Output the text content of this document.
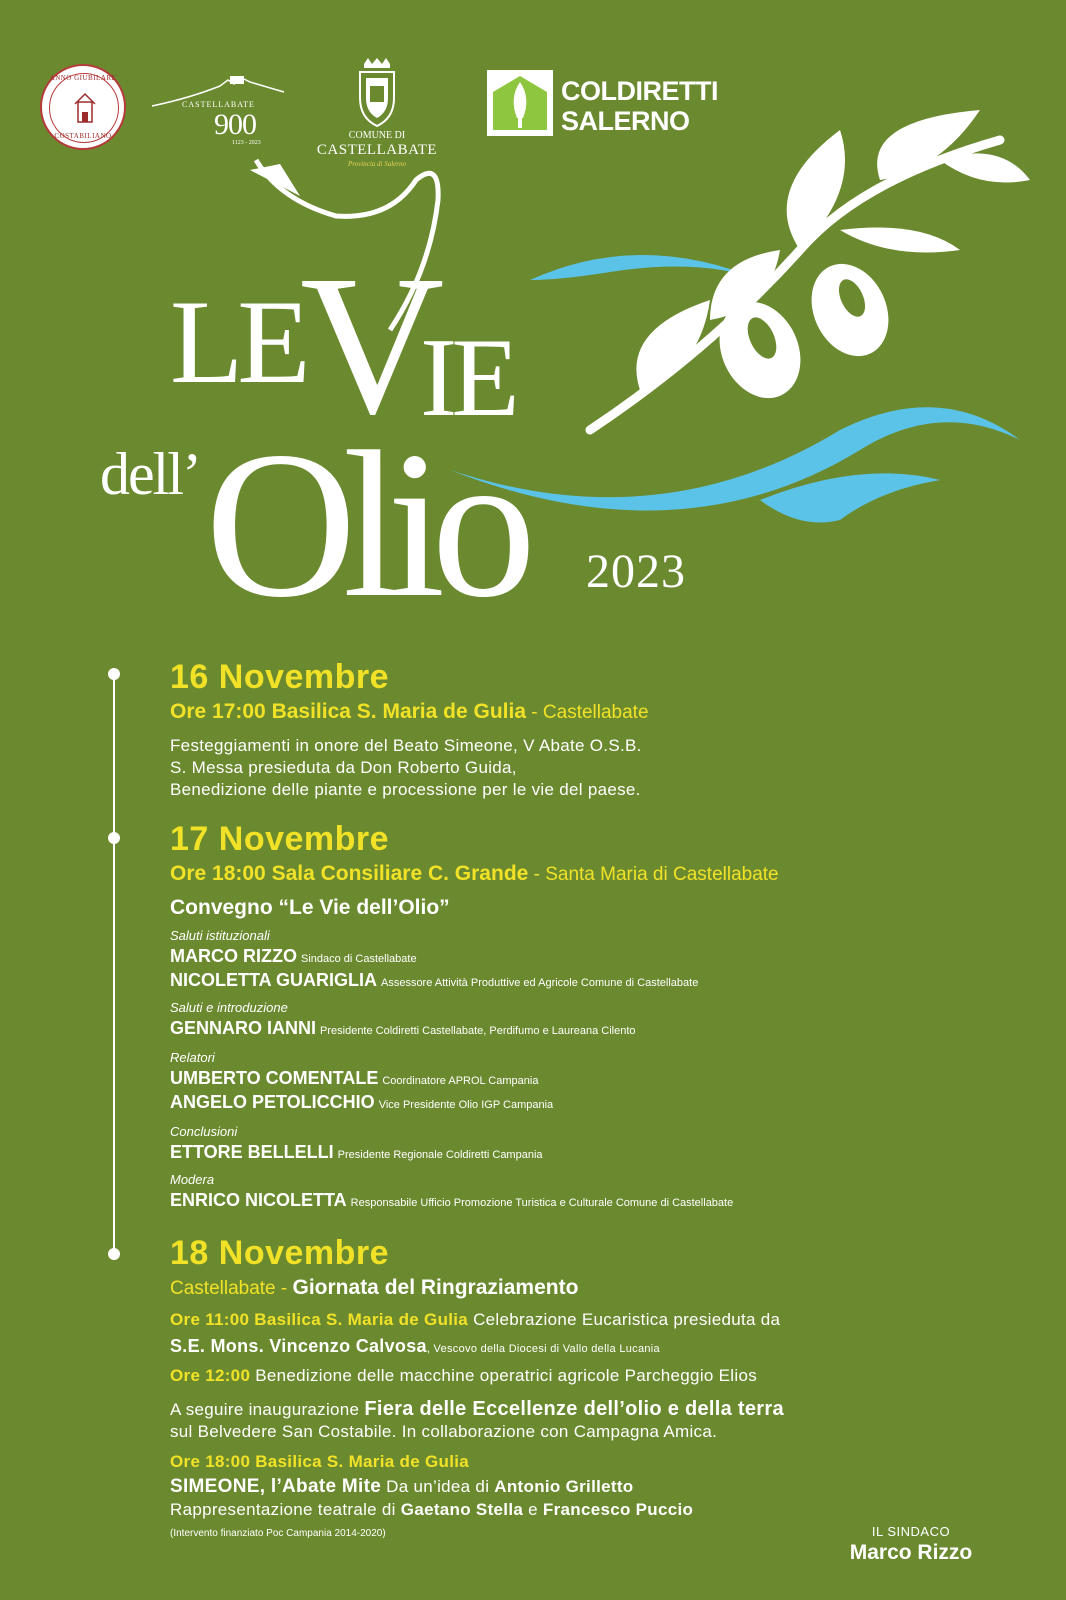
ANNO GIUBILARE
COSTABILIANO
CASTELLABATE
900
1123 - 2023
COMUNE DI
CASTELLABATE
Provincia di Salerno
COLDIRETTI
SALERNO
LE
V
IE
dell’ Olio 2023
16 Novembre
Ore 17:00 Basilica S. Maria de Gulia - Castellabate
Festeggiamenti in onore del Beato Simeone, V Abate O.S.B.
S. Messa presieduta da Don Roberto Guida,
Benedizione delle piante e processione per le vie del paese.
17 Novembre
Ore 18:00 Sala Consiliare C. Grande - Santa Maria di Castellabate
Convegno “Le Vie dell’Olio”
Saluti istituzionali
MARCO RIZZO Sindaco di Castellabate
NICOLETTA GUARIGLIA Assessore Attività Produttive ed Agricole Comune di Castellabate
Saluti e introduzione
GENNARO IANNI Presidente Coldiretti Castellabate, Perdifumo e Laureana Cilento
Relatori
UMBERTO COMENTALE Coordinatore APROL Campania
ANGELO PETOLICCHIO Vice Presidente Olio IGP Campania
Conclusioni
ETTORE BELLELLI Presidente Regionale Coldiretti Campania
Modera
ENRICO NICOLETTA Responsabile Ufficio Promozione Turistica e Culturale Comune di Castellabate
18 Novembre
Castellabate - Giornata del Ringraziamento
Ore 11:00 Basilica S. Maria de Gulia Celebrazione Eucaristica presieduta da
S.E. Mons. Vincenzo Calvosa, Vescovo della Diocesi di Vallo della Lucania
Ore 12:00 Benedizione delle macchine operatrici agricole Parcheggio Elios
A seguire inaugurazione Fiera delle Eccellenze dell’olio e della terra
sul Belvedere San Costabile. In collaborazione con Campagna Amica.
Ore 18:00 Basilica S. Maria de Gulia
SIMEONE, l’Abate Mite Da un’idea di Antonio Grilletto
Rappresentazione teatrale di Gaetano Stella e Francesco Puccio
(Intervento finanziato Poc Campania 2014-2020)	IL SINDACO
Marco Rizzo
